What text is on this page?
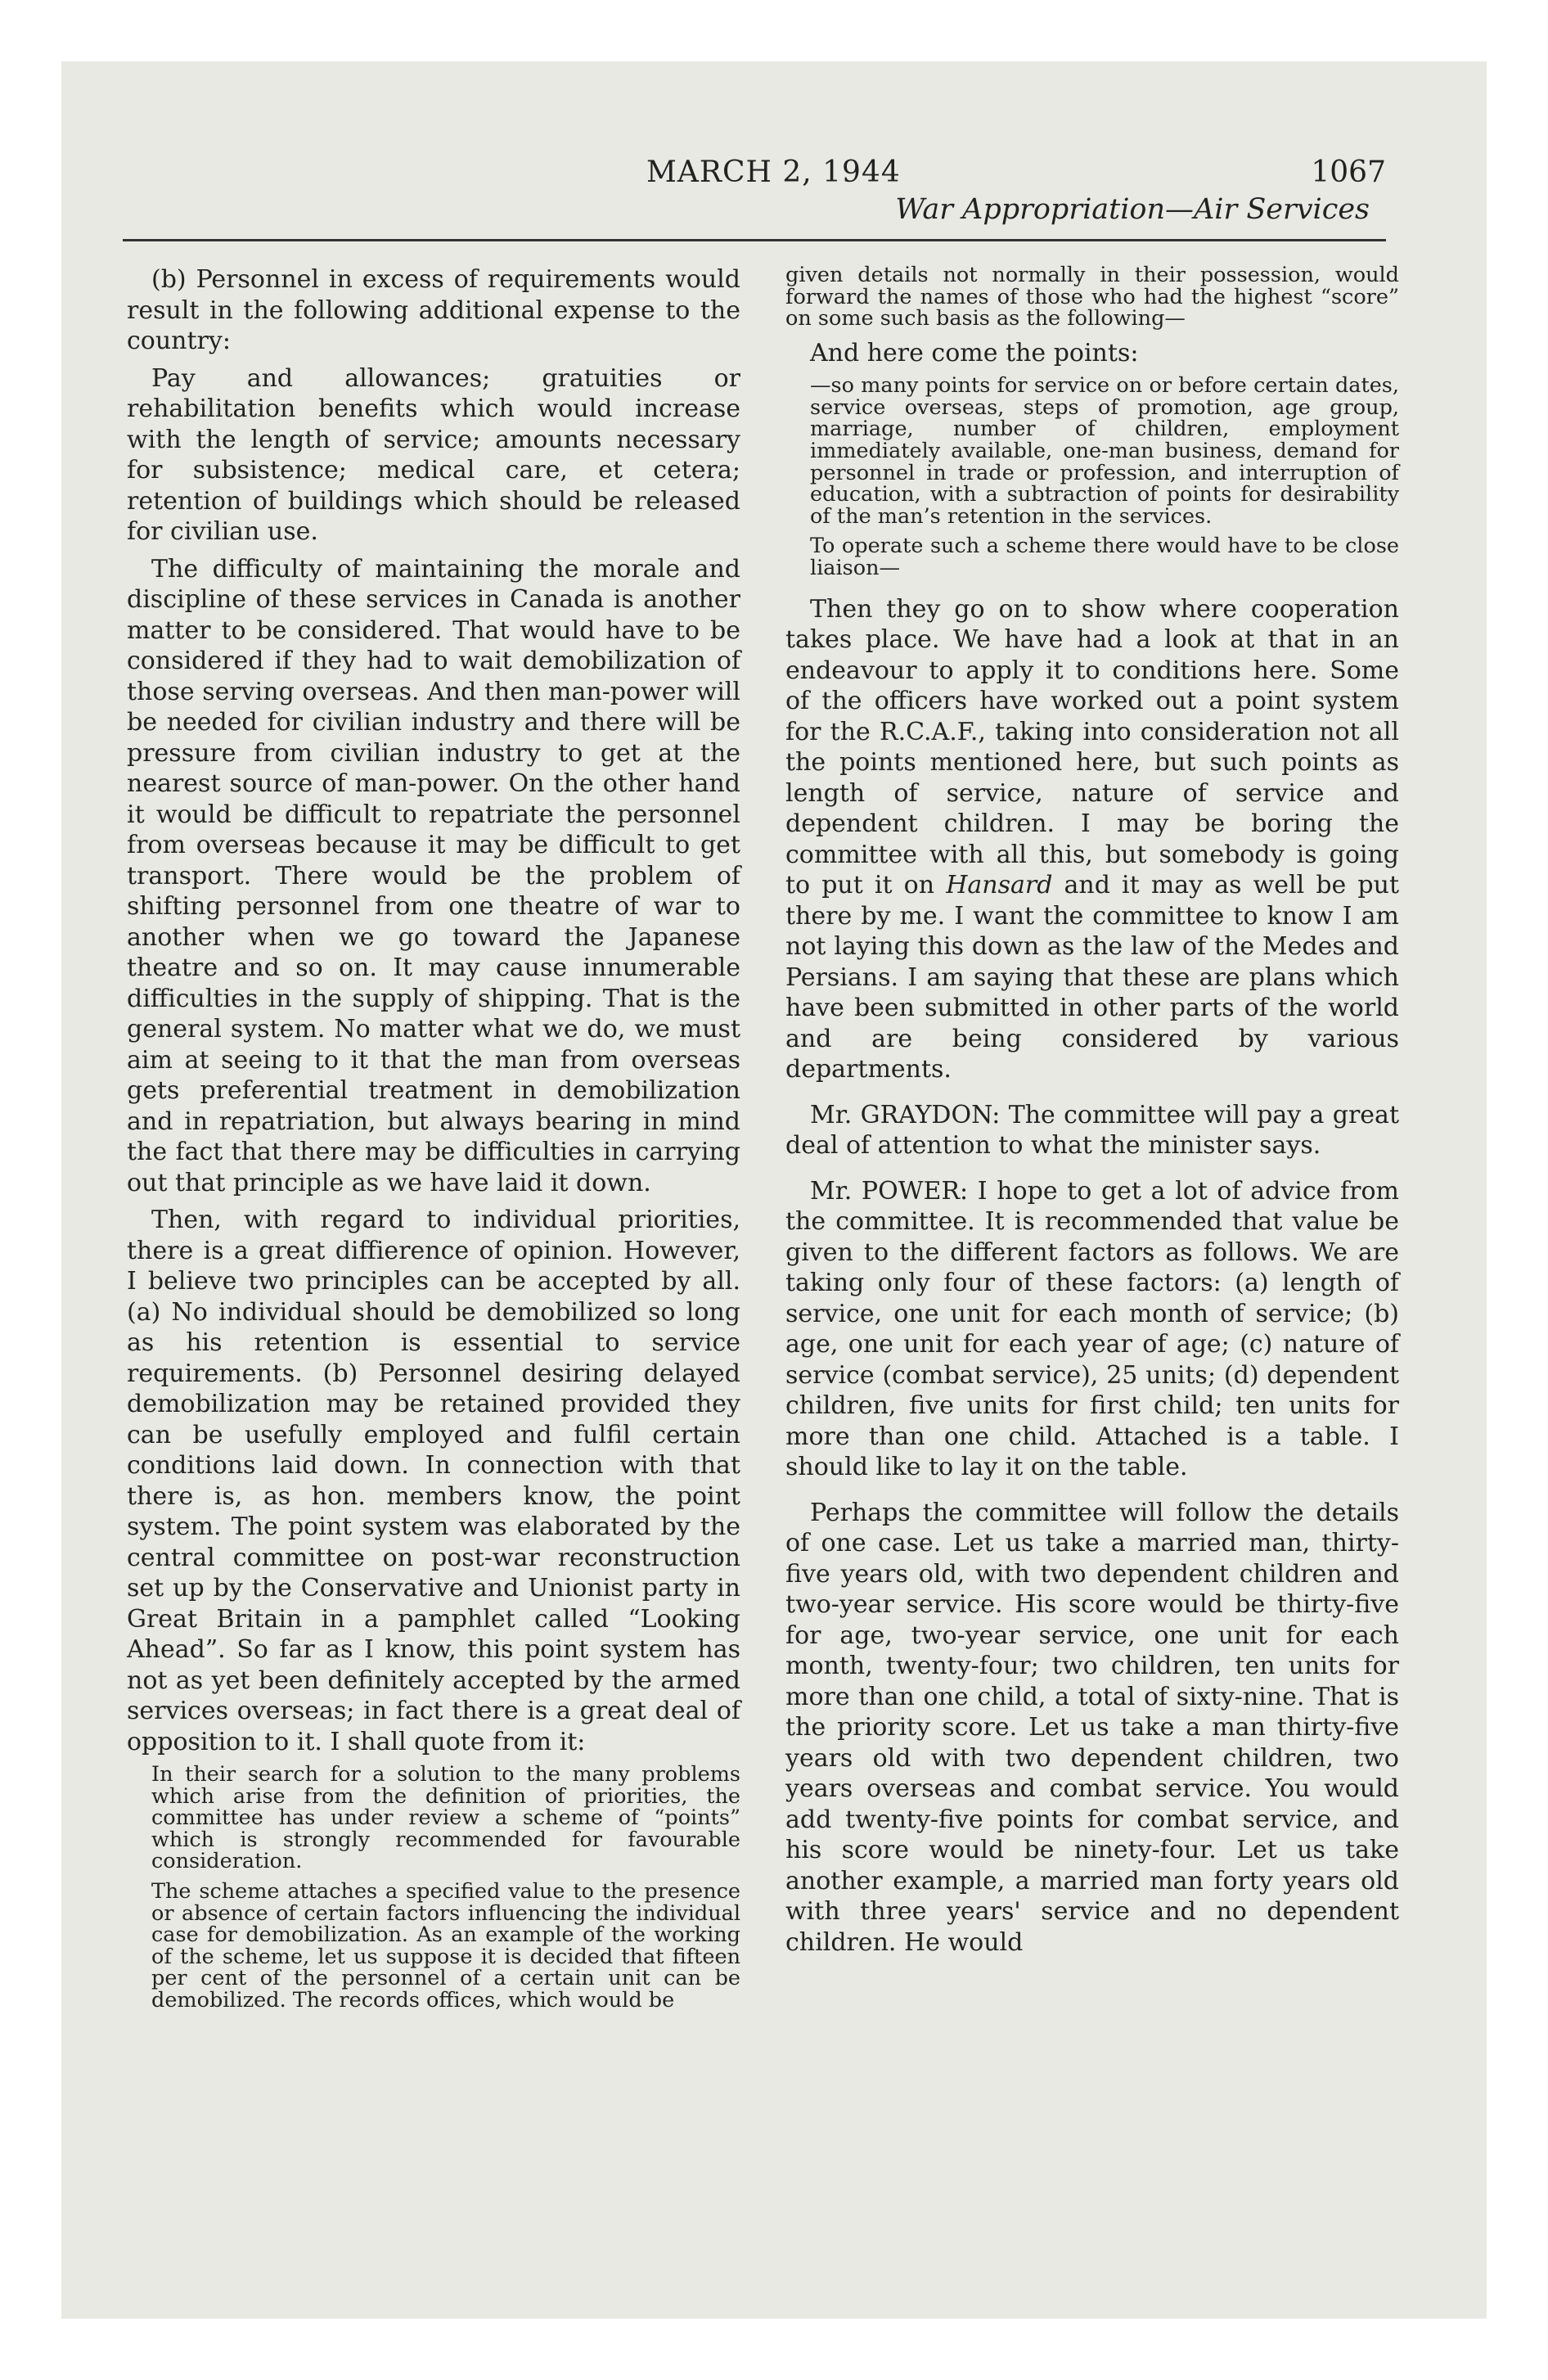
MARCH 2, 1944	1067
War Appropriation—Air Services

(b) Personnel in excess of requirements would result in the following additional expense to the country:

Pay and allowances; gratuities or rehabilitation benefits which would increase with the length of service; amounts necessary for subsistence; medical care, et cetera; retention of buildings which should be released for civilian use.

The difficulty of maintaining the morale and discipline of these services in Canada is another matter to be considered. That would have to be considered if they had to wait demobilization of those serving overseas. And then man-power will be needed for civilian industry and there will be pressure from civilian industry to get at the nearest source of man-power. On the other hand it would be difficult to repatriate the personnel from overseas because it may be difficult to get transport. There would be the problem of shifting personnel from one theatre of war to another when we go toward the Japanese theatre and so on. It may cause innumerable difficulties in the supply of shipping. That is the general system. No matter what we do, we must aim at seeing to it that the man from overseas gets preferential treatment in demobilization and in repatriation, but always bearing in mind the fact that there may be difficulties in carrying out that principle as we have laid it down.

Then, with regard to individual priorities, there is a great diffierence of opinion. However, I believe two principles can be accepted by all. (a) No individual should be demobilized so long as his retention is essential to service requirements. (b) Personnel desiring delayed demobilization may be retained provided they can be usefully employed and fulfil certain conditions laid down. In connection with that there is, as hon. members know, the point system. The point system was elaborated by the central committee on post-war reconstruction set up by the Conservative and Unionist party in Great Britain in a pamphlet called “Looking Ahead”. So far as I know, this point system has not as yet been definitely accepted by the armed services overseas; in fact there is a great deal of opposition to it. I shall quote from it:

In their search for a solution to the many problems which arise from the definition of priorities, the committee has under review a scheme of “points” which is strongly recommended for favourable consideration.
The scheme attaches a specified value to the presence or absence of certain factors influencing the individual case for demobilization. As an example of the working of the scheme, let us suppose it is decided that fifteen per cent of the personnel of a certain unit can be demobilized. The records offices, which would be
given details not normally in their possession, would forward the names of those who had the highest “score” on some such basis as the following—

And here come the points:

—so many points for service on or before certain dates, service overseas, steps of promotion, age group, marriage, number of children, employment immediately available, one-man business, demand for personnel in trade or profession, and interruption of education, with a subtraction of points for desirability of the man’s retention in the services.
To operate such a scheme there would have to be close liaison—

Then they go on to show where cooperation takes place. We have had a look at that in an endeavour to apply it to conditions here. Some of the officers have worked out a point system for the R.C.A.F., taking into consideration not all the points mentioned here, but such points as length of service, nature of service and dependent children. I may be boring the committee with all this, but somebody is going to put it on Hansard and it may as well be put there by me. I want the committee to know I am not laying this down as the law of the Medes and Persians. I am saying that these are plans which have been submitted in other parts of the world and are being considered by various departments.

Mr. GRAYDON: The committee will pay a great deal of attention to what the minister says.

Mr. POWER: I hope to get a lot of advice from the committee. It is recommended that value be given to the different factors as follows. We are taking only four of these factors: (a) length of service, one unit for each month of service; (b) age, one unit for each year of age; (c) nature of service (combat service), 25 units; (d) dependent children, five units for first child; ten units for more than one child. Attached is a table. I should like to lay it on the table.

Perhaps the committee will follow the details of one case. Let us take a married man, thirty-five years old, with two dependent children and two-year service. His score would be thirty-five for age, two-year service, one unit for each month, twenty-four; two children, ten units for more than one child, a total of sixty-nine. That is the priority score. Let us take a man thirty-five years old with two dependent children, two years overseas and combat service. You would add twenty-five points for combat service, and his score would be ninety-four. Let us take another example, a married man forty years old with three years' service and no dependent children. He would
